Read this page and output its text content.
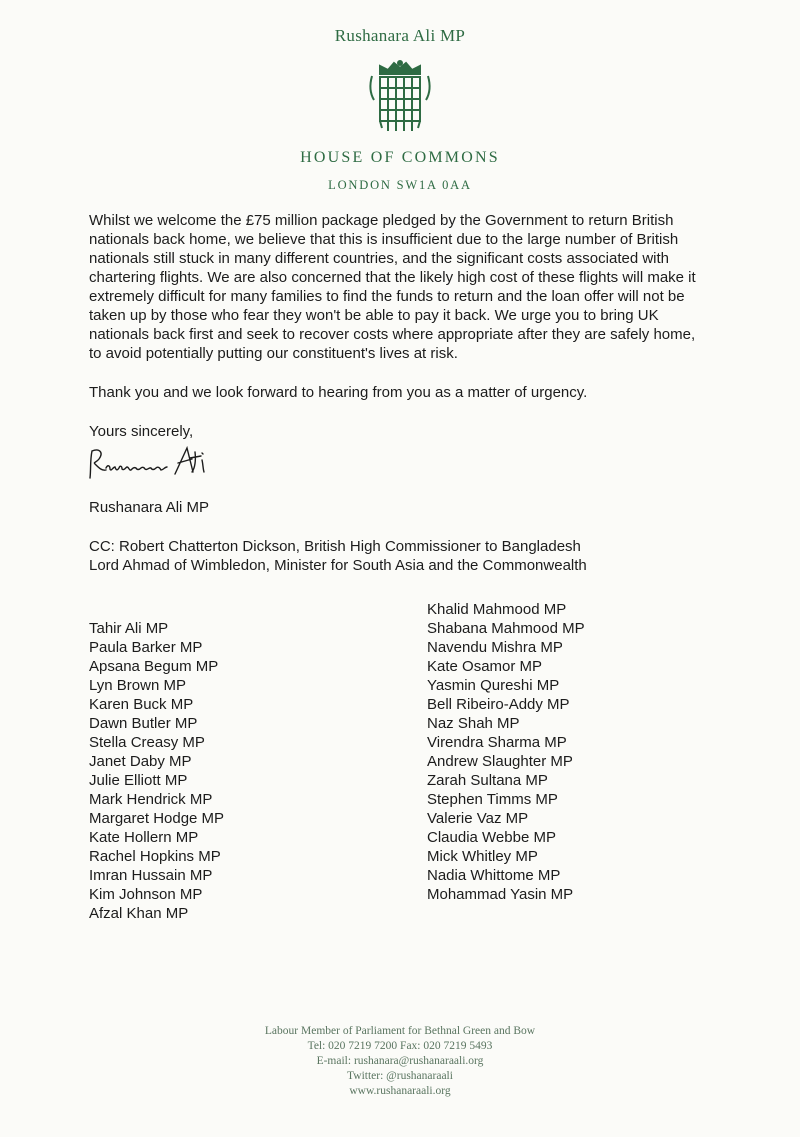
Rushanara Ali MP
HOUSE OF COMMONS
LONDON SW1A 0AA
Whilst we welcome the £75 million package pledged by the Government to return British
nationals back home, we believe that this is insufficient due to the large number of British
nationals still stuck in many different countries, and the significant costs associated with
chartering flights. We are also concerned that the likely high cost of these flights will make it
extremely difficult for many families to find the funds to return and the loan offer will not be
taken up by those who fear they won't be able to pay it back. We urge you to bring UK
nationals back first and seek to recover costs where appropriate after they are safely home,
to avoid potentially putting our constituent's lives at risk.
Thank you and we look forward to hearing from you as a matter of urgency.
Yours sincerely,
Rushanara Ali MP
CC: Robert Chatterton Dickson, British High Commissioner to Bangladesh
Lord Ahmad of Wimbledon, Minister for South Asia and the Commonwealth
Tahir Ali MP
Paula Barker MP
Apsana Begum MP
Lyn Brown MP
Karen Buck MP
Dawn Butler MP
Stella Creasy MP
Janet Daby MP
Julie Elliott MP
Mark Hendrick MP
Margaret Hodge MP
Kate Hollern MP
Rachel Hopkins MP
Imran Hussain MP
Kim Johnson MP
Afzal Khan MP
Khalid Mahmood MP
Shabana Mahmood MP
Navendu Mishra MP
Kate Osamor MP
Yasmin Qureshi MP
Bell Ribeiro-Addy MP
Naz Shah MP
Virendra Sharma MP
Andrew Slaughter MP
Zarah Sultana MP
Stephen Timms MP
Valerie Vaz MP
Claudia Webbe MP
Mick Whitley MP
Nadia Whittome MP
Mohammad Yasin MP
Labour Member of Parliament for Bethnal Green and Bow
Tel: 020 7219 7200 Fax: 020 7219 5493
E-mail: rushanara@rushanaraali.org
Twitter: @rushanaraali
www.rushanaraali.org
